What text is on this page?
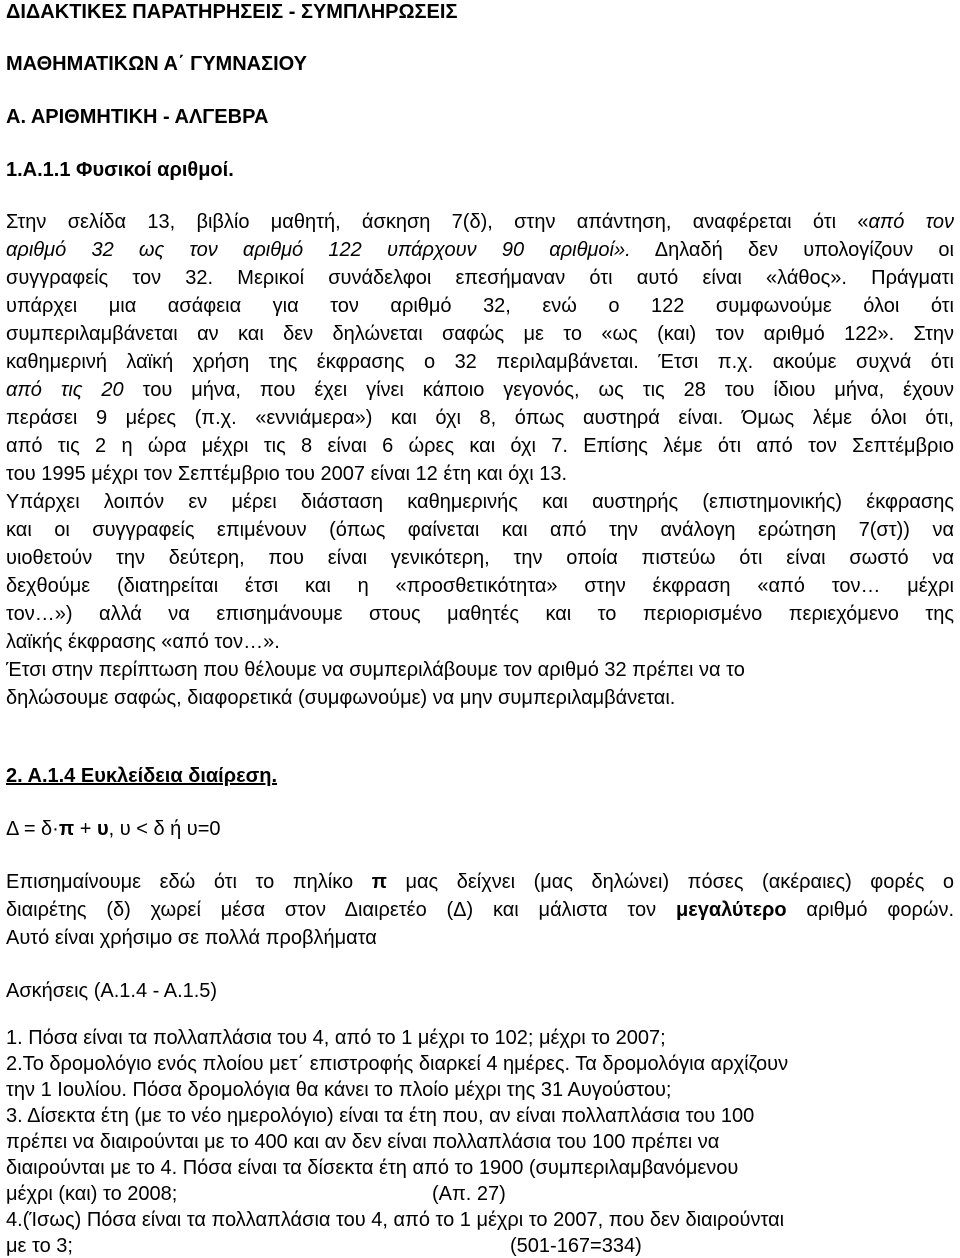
ΔΙΔΑΚΤΙΚΕΣ ΠΑΡΑΤΗΡΗΣΕΙΣ - ΣΥΜΠΛΗΡΩΣΕΙΣ
ΜΑΘΗΜΑΤΙΚΩΝ Α΄ ΓΥΜΝΑΣΙΟΥ
Α. ΑΡΙΘΜΗΤΙΚΗ - ΑΛΓΕΒΡΑ
1.Α.1.1 Φυσικοί αριθμοί.
Στην σελίδα 13, βιβλίο μαθητή, άσκηση 7(δ), στην απάντηση, αναφέρεται ότι «από τον
αριθμό 32 ως τον αριθμό 122 υπάρχουν 90 αριθμοί». Δηλαδή δεν υπολογίζουν οι
συγγραφείς τον 32. Μερικοί συνάδελφοι επεσήμαναν ότι αυτό είναι «λάθος». Πράγματι
υπάρχει μια ασάφεια για τον αριθμό 32, ενώ ο 122 συμφωνούμε όλοι ότι
συμπεριλαμβάνεται αν και δεν δηλώνεται σαφώς με το «ως (και) τον αριθμό 122». Στην
καθημερινή λαϊκή χρήση της έκφρασης ο 32 περιλαμβάνεται. Έτσι π.χ. ακούμε συχνά ότι
από τις 20 του μήνα, που έχει γίνει κάποιο γεγονός, ως τις 28 του ίδιου μήνα, έχουν
περάσει 9 μέρες (π.χ. «εννιάμερα») και όχι 8, όπως αυστηρά είναι. Όμως λέμε όλοι ότι,
από τις 2 η ώρα μέχρι τις 8 είναι 6 ώρες και όχι 7. Επίσης λέμε ότι από τον Σεπτέμβριο
του 1995 μέχρι τον Σεπτέμβριο του 2007 είναι 12 έτη και όχι 13.
Υπάρχει λοιπόν εν μέρει διάσταση καθημερινής και αυστηρής (επιστημονικής) έκφρασης
και οι συγγραφείς επιμένουν (όπως φαίνεται και από την ανάλογη ερώτηση 7(στ)) να
υιοθετούν την δεύτερη, που είναι γενικότερη, την οποία πιστεύω ότι είναι σωστό να
δεχθούμε (διατηρείται έτσι και η «προσθετικότητα» στην έκφραση «από τον… μέχρι
τον…») αλλά να επισημάνουμε στους μαθητές και το περιορισμένο περιεχόμενο της
λαϊκής έκφρασης «από τον…».
Έτσι στην περίπτωση που θέλουμε να συμπεριλάβουμε τον αριθμό 32 πρέπει να το
δηλώσουμε σαφώς, διαφορετικά (συμφωνούμε) να μην συμπεριλαμβάνεται.
2. Α.1.4 Ευκλείδεια διαίρεση.
Δ = δ·π + υ, υ < δ ή υ=0
Επισημαίνουμε εδώ ότι το πηλίκο π μας δείχνει (μας δηλώνει) πόσες (ακέραιες) φορές ο
διαιρέτης (δ) χωρεί μέσα στον Διαιρετέο (Δ) και μάλιστα τον μεγαλύτερο αριθμό φορών.
Αυτό είναι χρήσιμο σε πολλά προβλήματα
Ασκήσεις (Α.1.4 - Α.1.5)
1. Πόσα είναι τα πολλαπλάσια του 4, από το 1 μέχρι το 102; μέχρι το 2007;
2.Το δρομολόγιο ενός πλοίου μετ΄ επιστροφής διαρκεί 4 ημέρες. Τα δρομολόγια αρχίζουν
την 1 Ιουλίου. Πόσα δρομολόγια θα κάνει το πλοίο μέχρι της 31 Αυγούστου;
3. Δίσεκτα έτη (με το νέο ημερολόγιο) είναι τα έτη που, αν είναι πολλαπλάσια του 100
πρέπει να διαιρούνται με το 400 και αν δεν είναι πολλαπλάσια του 100 πρέπει να
διαιρούνται με το 4. Πόσα είναι τα δίσεκτα έτη από το 1900 (συμπεριλαμβανόμενου
μέχρι (και) το 2008;	(Απ. 27)
4.(Ίσως) Πόσα είναι τα πολλαπλάσια του 4, από το 1 μέχρι το 2007, που δεν διαιρούνται
με το 3;	(501-167=334)
